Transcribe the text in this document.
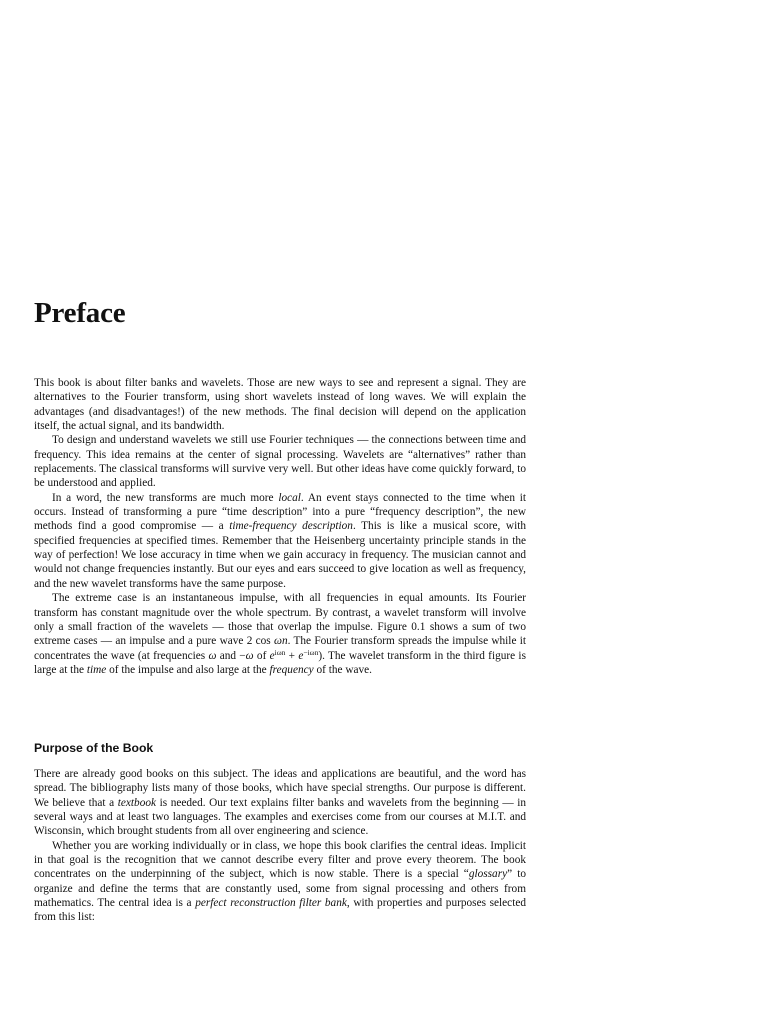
Preface

This book is about filter banks and wavelets. Those are new ways to see and represent a signal. They are alternatives to the Fourier transform, using short wavelets instead of long waves. We will explain the advantages (and disadvantages!) of the new methods. The final decision will depend on the application itself, the actual signal, and its bandwidth.

To design and understand wavelets we still use Fourier techniques — the connections between time and frequency. This idea remains at the center of signal processing. Wavelets are “alternatives” rather than replacements. The classical transforms will survive very well. But other ideas have come quickly forward, to be understood and applied.

In a word, the new transforms are much more local. An event stays connected to the time when it occurs. Instead of transforming a pure “time description” into a pure “frequency description”, the new methods find a good compromise — a time-frequency description. This is like a musical score, with specified frequencies at specified times. Remember that the Heisenberg uncertainty principle stands in the way of perfection! We lose accuracy in time when we gain accuracy in frequency. The musician cannot and would not change frequencies instantly. But our eyes and ears succeed to give location as well as frequency, and the new wavelet transforms have the same purpose.

The extreme case is an instantaneous impulse, with all frequencies in equal amounts. Its Fourier transform has constant magnitude over the whole spectrum. By contrast, a wavelet transform will involve only a small fraction of the wavelets — those that overlap the impulse. Figure 0.1 shows a sum of two extreme cases — an impulse and a pure wave 2 cos ωn. The Fourier transform spreads the impulse while it concentrates the wave (at frequencies ω and −ω of $e^{i\omega n} + e^{-i\omega n}$). The wavelet transform in the third figure is large at the time of the impulse and also large at the frequency of the wave.

Purpose of the Book

There are already good books on this subject. The ideas and applications are beautiful, and the word has spread. The bibliography lists many of those books, which have special strengths. Our purpose is different. We believe that a textbook is needed. Our text explains filter banks and wavelets from the beginning — in several ways and at least two languages. The examples and exercises come from our courses at M.I.T. and Wisconsin, which brought students from all over engineering and science.

Whether you are working individually or in class, we hope this book clarifies the central ideas. Implicit in that goal is the recognition that we cannot describe every filter and prove every theorem. The book concentrates on the underpinning of the subject, which is now stable. There is a special “glossary” to organize and define the terms that are constantly used, some from signal processing and others from mathematics. The central idea is a perfect reconstruction filter bank, with properties and purposes selected from this list:
